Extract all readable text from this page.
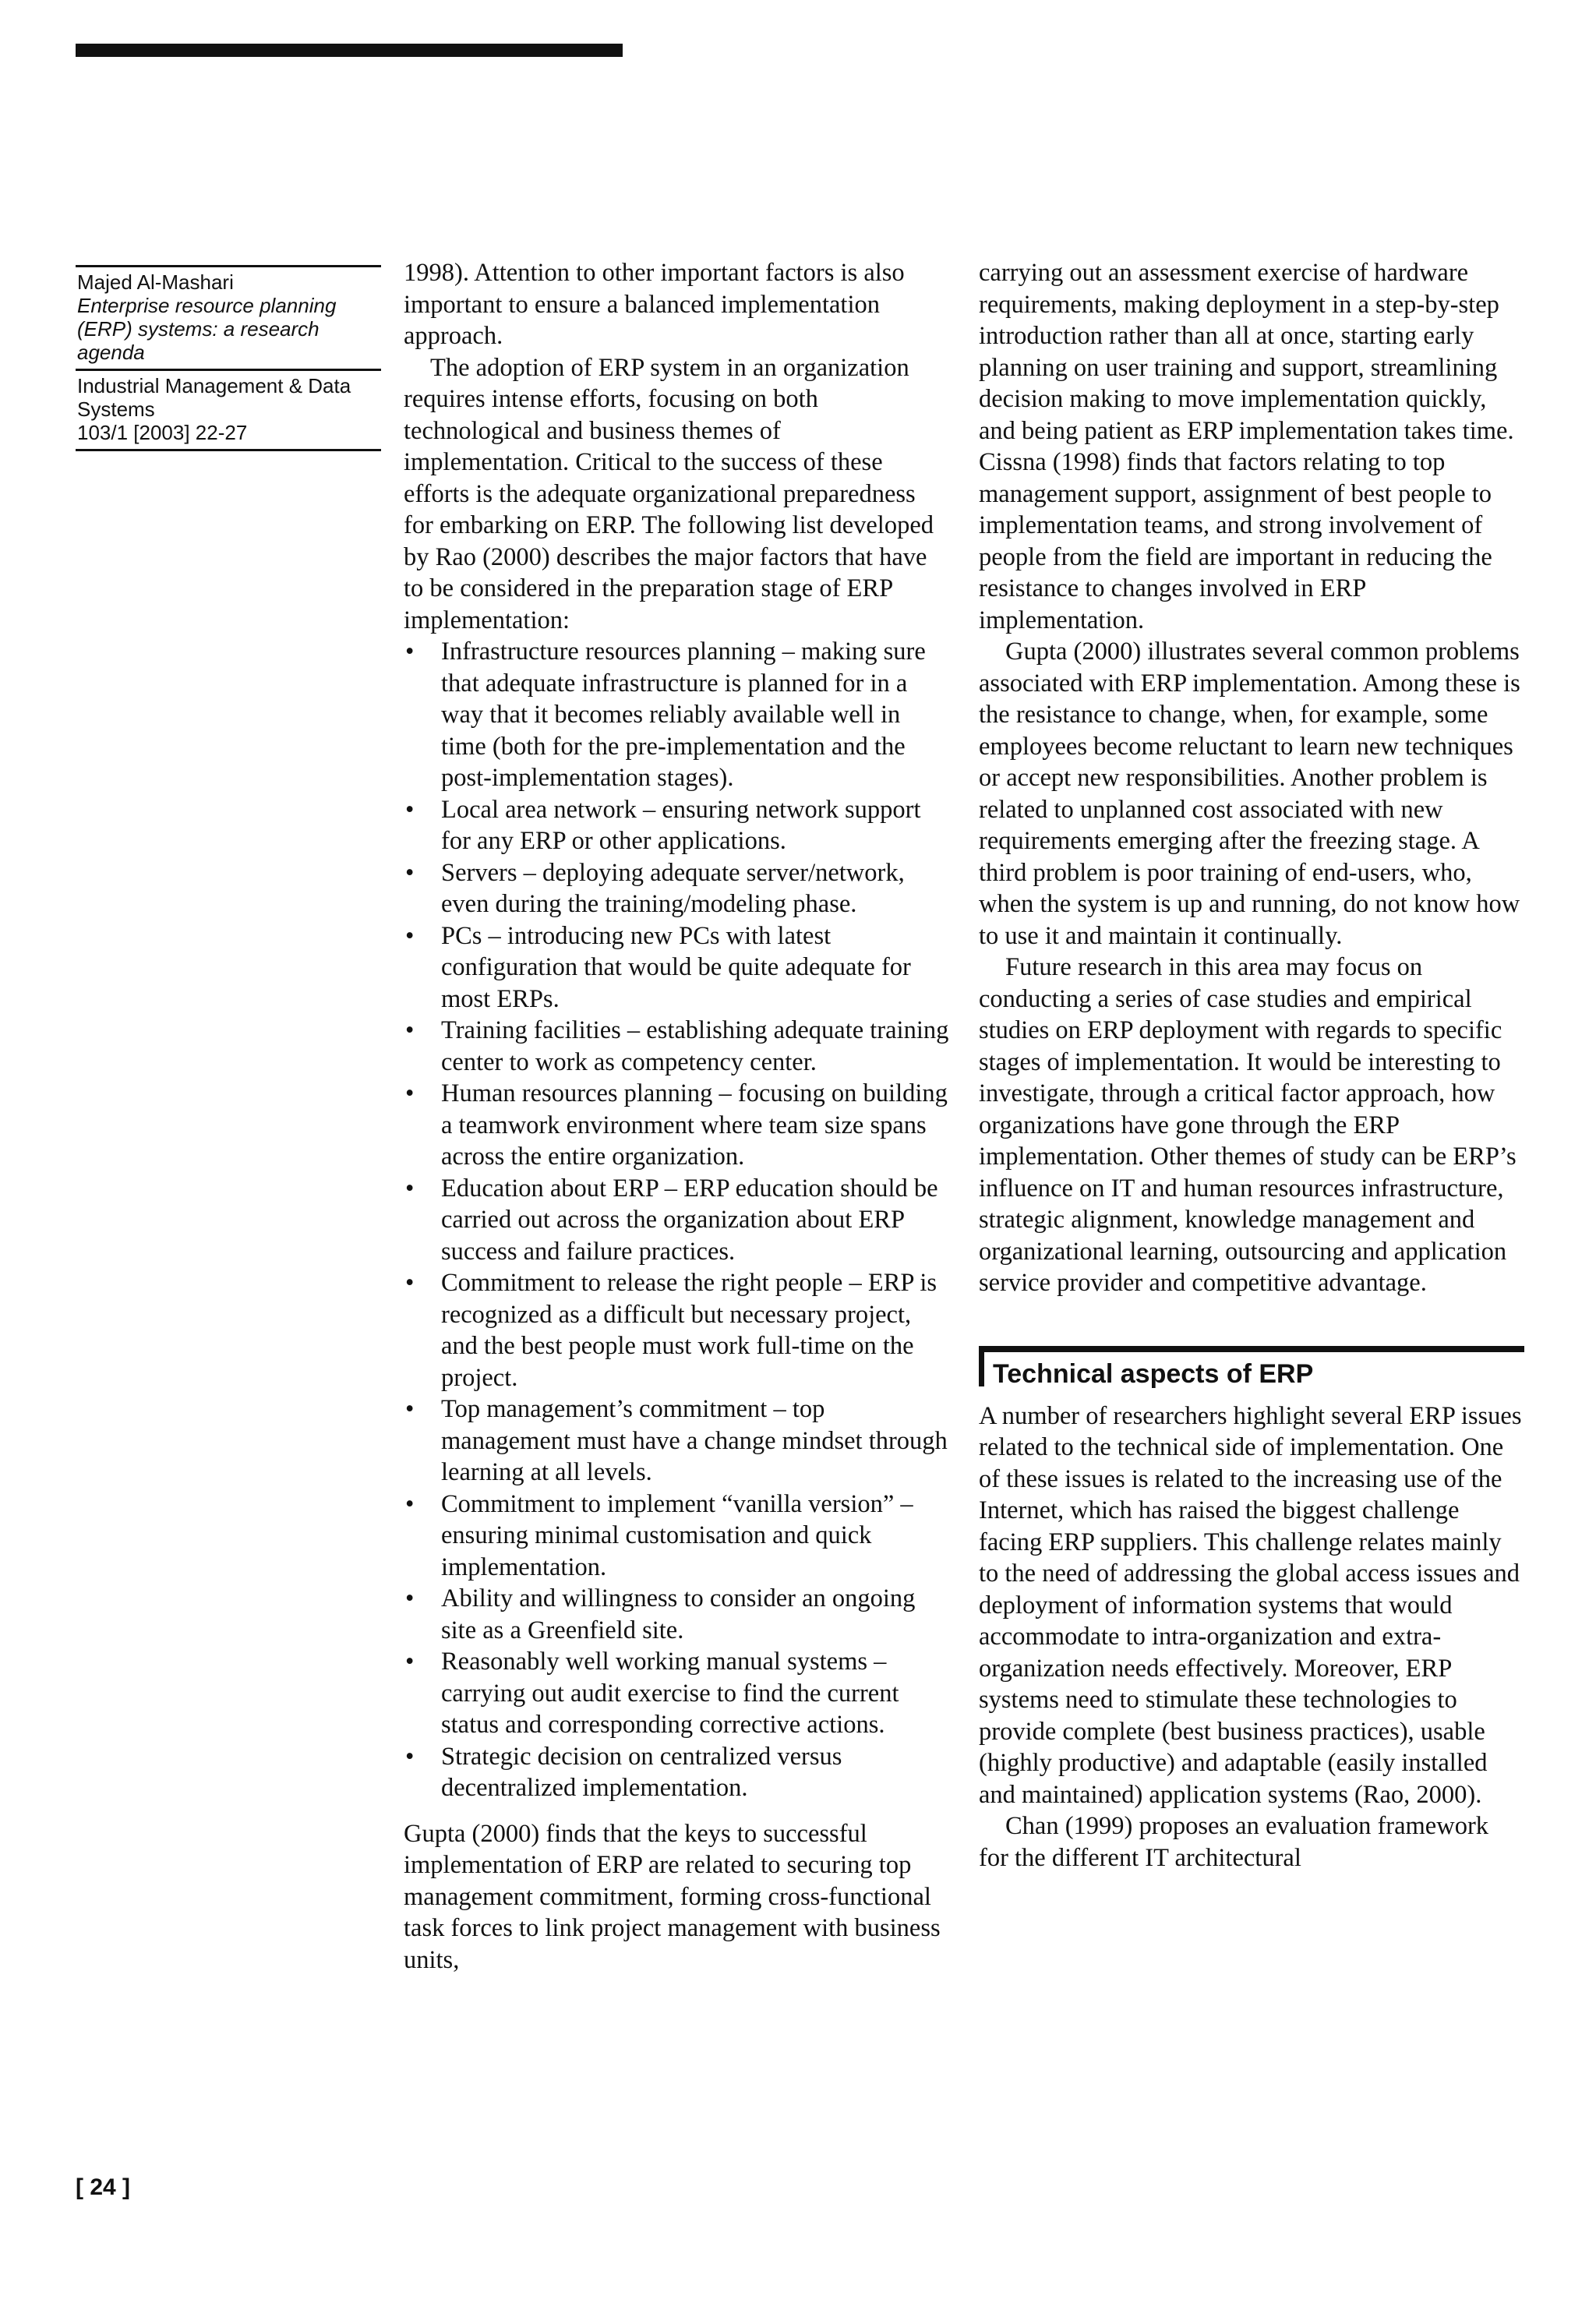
Majed Al-Mashari
Enterprise resource planning (ERP) systems: a research agenda
Industrial Management & Data Systems
103/1 [2003] 22-27

1998). Attention to other important factors is also important to ensure a balanced implementation approach.

The adoption of ERP system in an organization requires intense efforts, focusing on both technological and business themes of implementation. Critical to the success of these efforts is the adequate organizational preparedness for embarking on ERP. The following list developed by Rao (2000) describes the major factors that have to be considered in the preparation stage of ERP implementation:

• Infrastructure resources planning – making sure that adequate infrastructure is planned for in a way that it becomes reliably available well in time (both for the pre-implementation and the post-implementation stages).
• Local area network – ensuring network support for any ERP or other applications.
• Servers – deploying adequate server/network, even during the training/modeling phase.
• PCs – introducing new PCs with latest configuration that would be quite adequate for most ERPs.
• Training facilities – establishing adequate training center to work as competency center.
• Human resources planning – focusing on building a teamwork environment where team size spans across the entire organization.
• Education about ERP – ERP education should be carried out across the organization about ERP success and failure practices.
• Commitment to release the right people – ERP is recognized as a difficult but necessary project, and the best people must work full-time on the project.
• Top management’s commitment – top management must have a change mindset through learning at all levels.
• Commitment to implement “vanilla version” – ensuring minimal customisation and quick implementation.
• Ability and willingness to consider an ongoing site as a Greenfield site.
• Reasonably well working manual systems – carrying out audit exercise to find the current status and corresponding corrective actions.
• Strategic decision on centralized versus decentralized implementation.

Gupta (2000) finds that the keys to successful implementation of ERP are related to securing top management commitment, forming cross-functional task forces to link project management with business units,

carrying out an assessment exercise of hardware requirements, making deployment in a step-by-step introduction rather than all at once, starting early planning on user training and support, streamlining decision making to move implementation quickly, and being patient as ERP implementation takes time. Cissna (1998) finds that factors relating to top management support, assignment of best people to implementation teams, and strong involvement of people from the field are important in reducing the resistance to changes involved in ERP implementation.

Gupta (2000) illustrates several common problems associated with ERP implementation. Among these is the resistance to change, when, for example, some employees become reluctant to learn new techniques or accept new responsibilities. Another problem is related to unplanned cost associated with new requirements emerging after the freezing stage. A third problem is poor training of end-users, who, when the system is up and running, do not know how to use it and maintain it continually.

Future research in this area may focus on conducting a series of case studies and empirical studies on ERP deployment with regards to specific stages of implementation. It would be interesting to investigate, through a critical factor approach, how organizations have gone through the ERP implementation. Other themes of study can be ERP’s influence on IT and human resources infrastructure, strategic alignment, knowledge management and organizational learning, outsourcing and application service provider and competitive advantage.

Technical aspects of ERP

A number of researchers highlight several ERP issues related to the technical side of implementation. One of these issues is related to the increasing use of the Internet, which has raised the biggest challenge facing ERP suppliers. This challenge relates mainly to the need of addressing the global access issues and deployment of information systems that would accommodate to intra-organization and extra-organization needs effectively. Moreover, ERP systems need to stimulate these technologies to provide complete (best business practices), usable (highly productive) and adaptable (easily installed and maintained) application systems (Rao, 2000).

Chan (1999) proposes an evaluation framework for the different IT architectural

[ 24 ]
